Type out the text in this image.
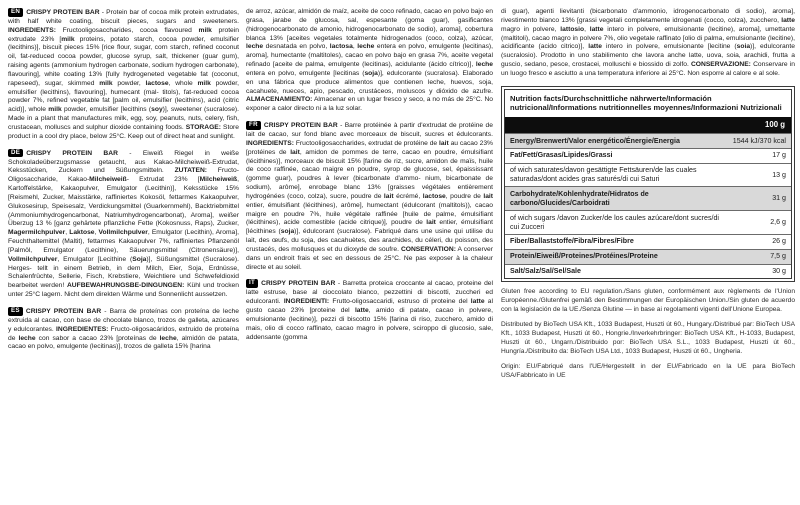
EN CRISPY PROTEIN BAR - Protein bar of cocoa milk protein extrudates, with half white coating, biscuit pieces, sugars and sweeteners. INGREDIENTS: Fructooligosaccharides, cocoa flavoured milk protein extrudate 23% [milk proteins, potato starch, cocoa powder, emulsifier (lecithins)], biscuit pieces 15% [rice flour, sugar, corn starch, refined coconut oil, fat-reduced cocoa powder, glucose syrup, salt, thickener (guar gum), raising agents (ammonium hydrogen carbonate, sodium hydrogen carbonate), flavouring], white coating 13% [fully hydrogeneted vegetable fat (coconut, rapeseed), sugar, skimmed milk powder, lactose, whole milk powder, emulsifier (lecithins), flavouring], humecant (mal- titols), fat-reduced cocoa powder 7%, refined vegetable fat [palm oil, emulsifier (lecithins), acid (citric acid)], whole milk powder, emulsifier [lecithins (soy)], sweetener (sucralose). Made in a plant that manufactures milk, egg, soy, peanuts, nuts, celery, fish, crustacean, molluscs and sulphur dioxide containing foods. STORAGE: Store product in a cool dry place, below 25°C. Keep out of direct heat and sunlight.
DE CRISPY PROTEIN BAR - Eiweiß Riegel in weiße Schokoladeüberzugsmasse getaucht, aus Kakao-Milcheiweiß-Extrudat, Keksstücken, Zuckern und Süßungsmitteln. ZUTATEN: Fructo-Oligosaccharide, Kakao-Milcheiweiß- Extrudat 23% [Milcheiweiß, Kartoffelstärke, Kakaopulver, Emulgator (Lecithin)], Keksstücke 15% [Reismehl, Zucker, Maisstärke, raffiniertes Kokosöl, fettarmes Kakaopulver, Glukosesirup, Speisesalz, Verdickungsmittel (Guarkernmehl), Backtriebmittel (Ammoniumhydrogencarbonat, Natriumhydrogencarbonat), Aroma], weißer Überzug 13 % [ganz gehärtete pflanzliche Fette (Kokosnuss, Raps), Zucker, Magermilchpulver, Laktose, Vollmilchpulver, Emulgator (Lecithin), Aroma], Feuchthaltemittel (Maltit), fettarmes Kakaopulver 7%, raffiniertes Pflanzenöl [Palmöl, Emulgator (Lecithine), Säuerungsmittel (Citronensäure)], Vollmilchpulver, Emulgator [Lecithine (Soja)], Süßungsmittel (Sucralose). Herges- tellt in einem Betrieb, in dem Milch, Eier, Soja, Erdnüsse, Schalenfrüchte, Sellerie, Fisch, Krebstiere, Weichtiere und Schwefeldioxid bearbeitet werden! AUFBEWAHRUNGSBE-DINGUNGEN: Kühl und trocken unter 25°C lagern. Nicht dem direkten Wärme und Sonnenlicht aussetzen.
ES CRISPY PROTEIN BAR - Barra de proteínas con proteína de leche extruida al cacao, con base de chocolate blanco, trozos de galleta, azúcares y edulcorantes. INGREDIENTES: Fructo-oligosacáridos, extruido de proteína de leche con sabor a cacao 23% [proteínas de leche, almidón de patata, cacao en polvo, emulgente (lecitinas)], trozos de galleta 15% [harina
de arroz, azúcar, almidón de maíz, aceite de coco refinado, cacao en polvo bajo en grasa, jarabe de glucosa, sal, espesante (goma guar), gasificantes (hidrogenocarbonato de amonio, hidrogenocarbonato de sodio), aroma], cobertura blanca 13% [aceites vegetales totalmente hidrogenados (coco, colza), azúcar, leche desnatada en polvo, lactosa, leche entera en polvo, emulgente (lecitinas), aroma], humectante (maltitoles), cacao en polvo bajo en grasa 7%, aceite vegetal refinado [aceite de palma, emulgente (lecitinas), acidulante (ácido cítrico)], leche entera en polvo, emulgente [lecitinas (soja)], edulcorante (sucralosa). Elaborado en una fábrica que produce alimentos que contienen leche, huevos, soja, cacahuete, nueces, apio, pescado, crustáceos, moluscos y dióxido de azufre. ALMACENAMIENTO: Almacenar en un lugar fresco y seco, a no más de 25°C. No exponer a calor directo ni a la luz solar.
FR CRISPY PROTEIN BAR - Barre protéinée à partir d'extrudat de protéine de lait de cacao, sur fond blanc avec morceaux de biscuit, sucres et édulcorants. INGREDIENTS: Fructooligosaccharides, extrudat de protéine de lait au cacao 23% [protéines de lait, amidon de pommes de terre, cacao en poudre, émulsifiant (lécithines)], morceaux de biscuit 15% [farine de riz, sucre, amidon de maïs, huile de coco raffinée, cacao maigre en poudre, syrop de glucose, sel, épaississant (gomme guar), poudres à lever (bicarbonate d'ammo- nium, bicarbonate de sodium), arôme], enrobage blanc 13% [graisses végétales entièrement hydrogénées (coco, colza), sucre, poudre de lait écrémé, lactose, poudre de lait entier, émulsifiant (lécithines), arôme], humectant (édulcorant (maltitols)), cacao maigre en poudre 7%, huile végétale raffinée [huile de palme, émulsifiant (lécithines), acide comestible (acide citrique)], poudre de lait entier, émulsifiant [lécithines (soja)], édulcorant (sucralose). Fabriqué dans une usine qui utilise du lait, des œufs, du soja, des cacahuètes, des arachides, du céleri, du poisson, des crustacés, des mollusques et du dioxyde de soufre. CONSERVATION: A conserver dans un endroit frais et sec en dessous de 25°C. Ne pas exposer à la chaleur directe et au soleil.
IT CRISPY PROTEIN BAR - Barretta proteica croccante al cacao, proteine del latte estruse, base al cioccolato bianco, pezzettini di biscotti, zuccheri ed edulcoranti. INGREDIENTI: Frutto-oligosaccaridi, estruso di proteine del latte al gusto cacao 23% [proteine del latte, amido di patate, cacao in polvere, emulsionante (lecitine)], pezzi di biscotto 15% [farina di riso, zucchero, amido di mais, olio di cocco raffinato, cacao magro in polvere, sciroppo di glucosio, sale, addensante (gomma
di guar), agenti lievitanti (bicarbonato d'ammonio, idrogenocarbonato di sodio), aroma], rivestimento bianco 13% [grassi vegetali completamente idrogenati (cocco, colza), zucchero, latte magro in polvere, lattosio, latte intero in polvere, emulsionante (lecitine), aroma], umettante (maltitoli), cacao magro in polvere 7%, olio vegetale raffinato [olio di palma, emulsionante (lecitine), acidificante (acido citrico)], latte intero in polvere, emulsionante [lecitine (soia)], edulcorante (sucralosio). Prodotto in uno stabilimento che lavora anche latte, uova, soia, arachidi, frutta a guscio, sedano, pesce, crostacei, molluschi e biossido di zolfo. CONSERVAZIONE: Conservare in un luogo fresco e asciutto a una temperatura inferiore ai 25°C. Non esporre al calore e al sole.
Nutrition facts/Durchschnittliche nährwerte/Información nutricional/Informations nutritionnelles moyennes/Informazioni Nutrizionali
100 g
Energy/Brenwert/Valor energético/Énergie/Energia	1544 kJ/370 kcal
Fat/Fett/Grasas/Lipides/Grassi	17 g
of wich saturates/davon gesättigte Fettsäuren/de las cuales saturadas/dont acides gras saturés/di cui Saturi	13 g
Carbohydrate/Kohlenhydrate/Hidratos de carbono/Glucides/Carboidrati	31 g
of wich sugars /davon Zucker/de los caules azúcare/dont sucres/di cui Zucceri	2,6 g
Fiber/Ballaststoffe/Fibra/Fibres/Fibre	26 g
Protein/Eiweiß/Proteines/Protéines/Proteine	7,5 g
Salt/Salz/Sal/Sel/Sale	30 g
Gluten free according to EU regulation./Sans gluten, conformément aux règlements de l'Union Européenne./Glutenfrei gemäß den Bestimmungen der Europäischen Union./Sin gluten de acuerdo con la legislación de la UE./Senza Glutine — in base ai regolamenti vigenti dell'Unione Europea.
Distributed by BioTech USA Kft., 1033 Budapest, Huszti út 60., Hungary./Distribué par: BioTech USA Kft., 1033 Budapest, Huszti út 60., Hongrie./Inverkehrbringer: BioTech USA Kft., H-1033, Budapest, Huszti út 60., Ungarn./Distribuido por: BioTech USA S.L., 1033 Budapest, Huszti út 60., Hungría./Distribuito da: BioTech USA Ltd., 1033 Budapest, Huszti út 60., Ungheria.
Origin: EU/Fabriqué dans l'UE/Hergestellt in der EU/Fabricado en la UE para BioTech USA/Fabbricato in UE
